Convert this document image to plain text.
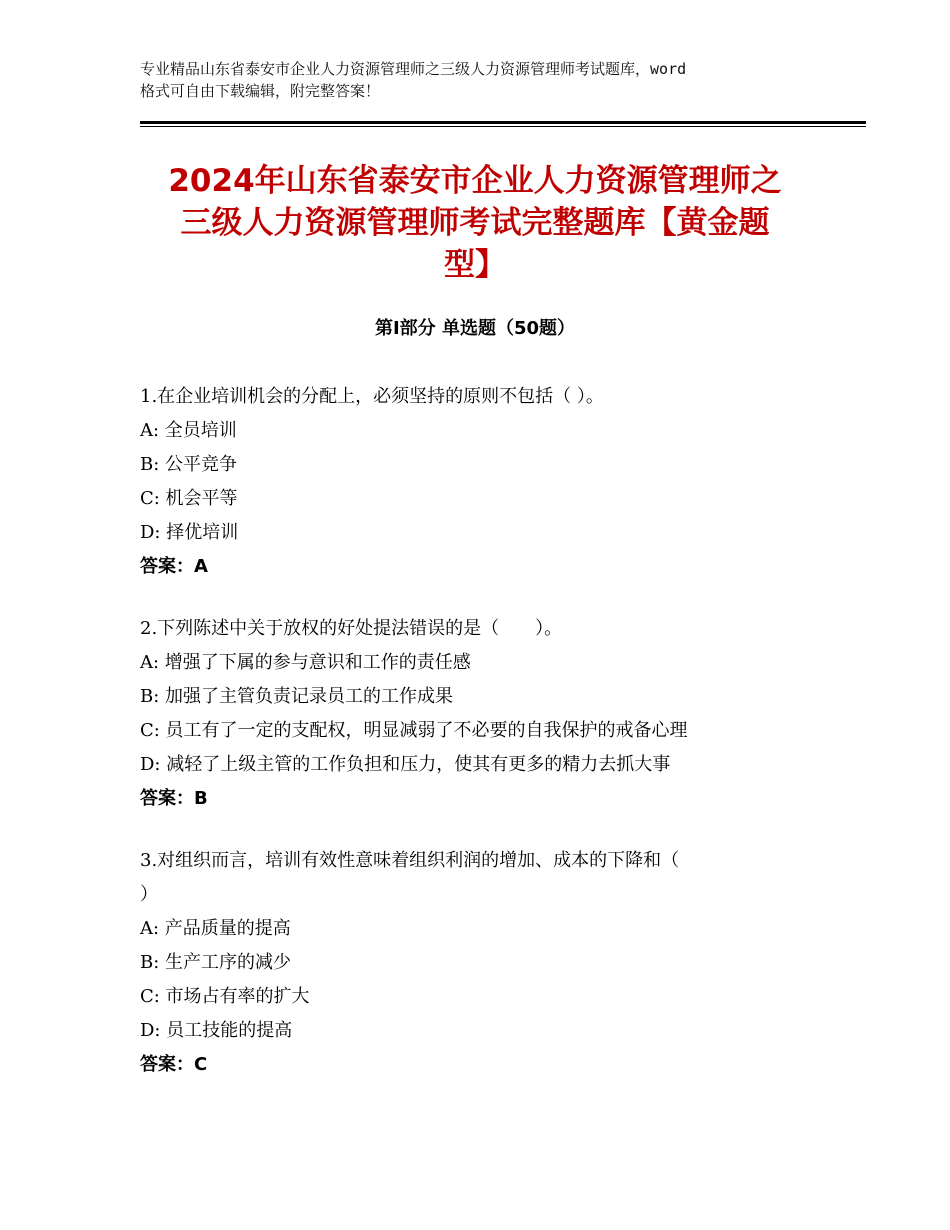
专业精品山东省泰安市企业人力资源管理师之三级人力资源管理师考试题库，word
格式可自由下载编辑，附完整答案！
2024年山东省泰安市企业人力资源管理师之
三级人力资源管理师考试完整题库【黄金题
型】
第Ⅰ部分 单选题（50题）

1.在企业培训机会的分配上，必须坚持的原则不包括（ ）。

A: 全员培训

B: 公平竞争

C: 机会平等

D: 择优培训

答案：A

2.下列陈述中关于放权的好处提法错误的是（　　）。

A: 增强了下属的参与意识和工作的责任感

B: 加强了主管负责记录员工的工作成果

C: 员工有了一定的支配权，明显减弱了不必要的自我保护的戒备心理

D: 减轻了上级主管的工作负担和压力，使其有更多的精力去抓大事

答案：B

3.对组织而言，培训有效性意味着组织利润的增加、成本的下降和（

）

A: 产品质量的提高

B: 生产工序的减少

C: 市场占有率的扩大

D: 员工技能的提高

答案：C
